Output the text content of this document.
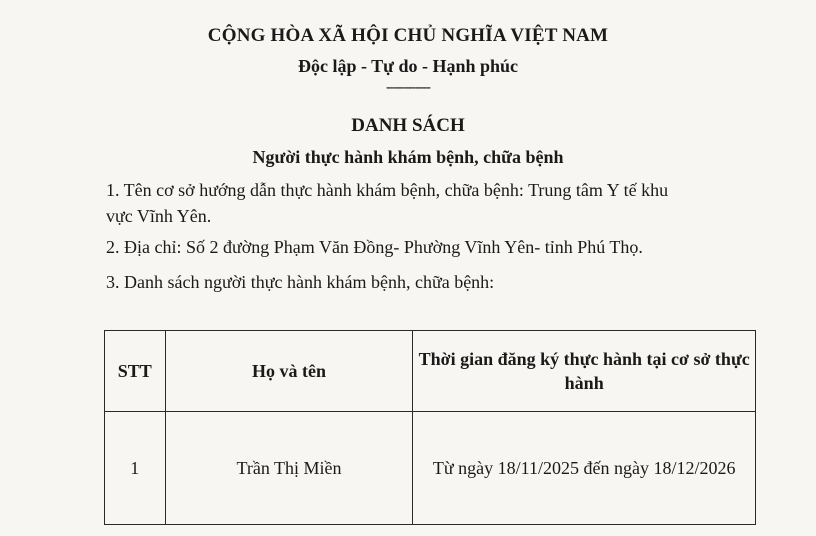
CỘNG HÒA XÃ HỘI CHỦ NGHĨA VIỆT NAM
Độc lập - Tự do - Hạnh phúc
------------
DANH SÁCH
Người thực hành khám bệnh, chữa bệnh
1. Tên cơ sở hướng dẫn thực hành khám bệnh, chữa bệnh: Trung tâm Y tế khu
vực Vĩnh Yên.
2. Địa chỉ: Số 2 đường Phạm Văn Đồng- Phường Vĩnh Yên- tỉnh Phú Thọ.
3. Danh sách người thực hành khám bệnh, chữa bệnh:
STT	Họ và tên	Thời gian đăng ký thực hành tại cơ sở thực hành
1	Trần Thị Miền	Từ ngày 18/11/2025 đến ngày 18/12/2026
